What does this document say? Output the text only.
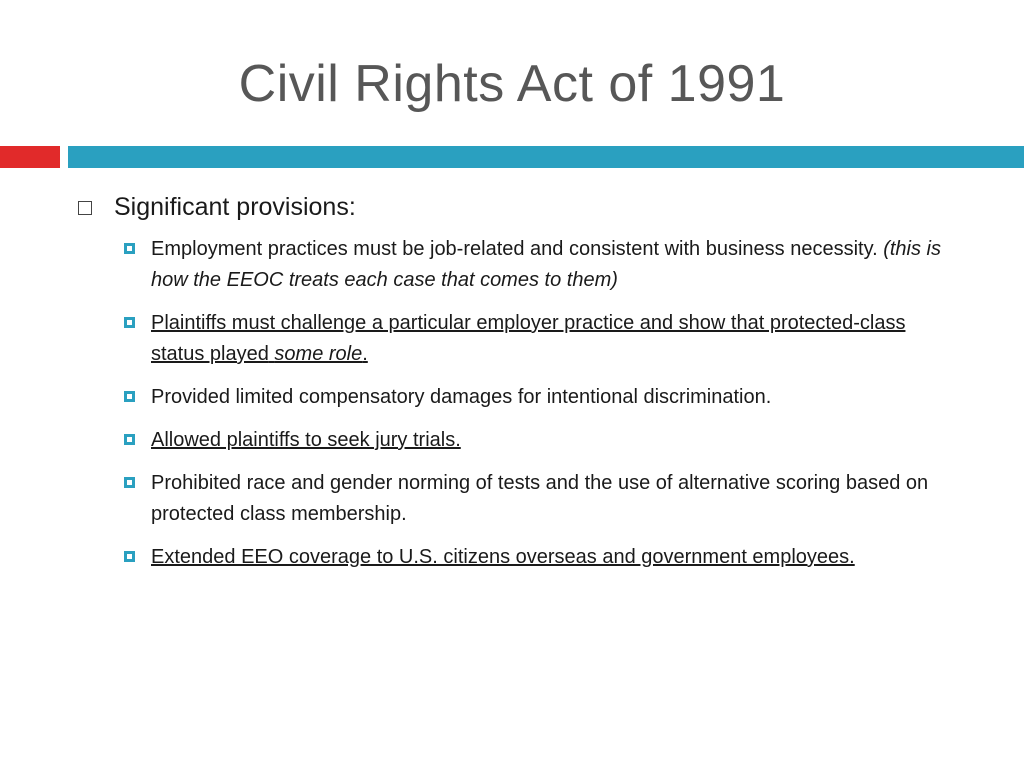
Civil Rights Act of 1991
Significant provisions:
Employment practices must be job-related and consistent with business necessity. (this is how the EEOC treats each case that comes to them)
Plaintiffs must challenge a particular employer practice and show that protected-class status played some role.
Provided limited compensatory damages for intentional discrimination.
Allowed plaintiffs to seek jury trials.
Prohibited race and gender norming of tests and the use of alternative scoring based on protected class membership.
Extended EEO coverage to U.S. citizens overseas and government employees.
